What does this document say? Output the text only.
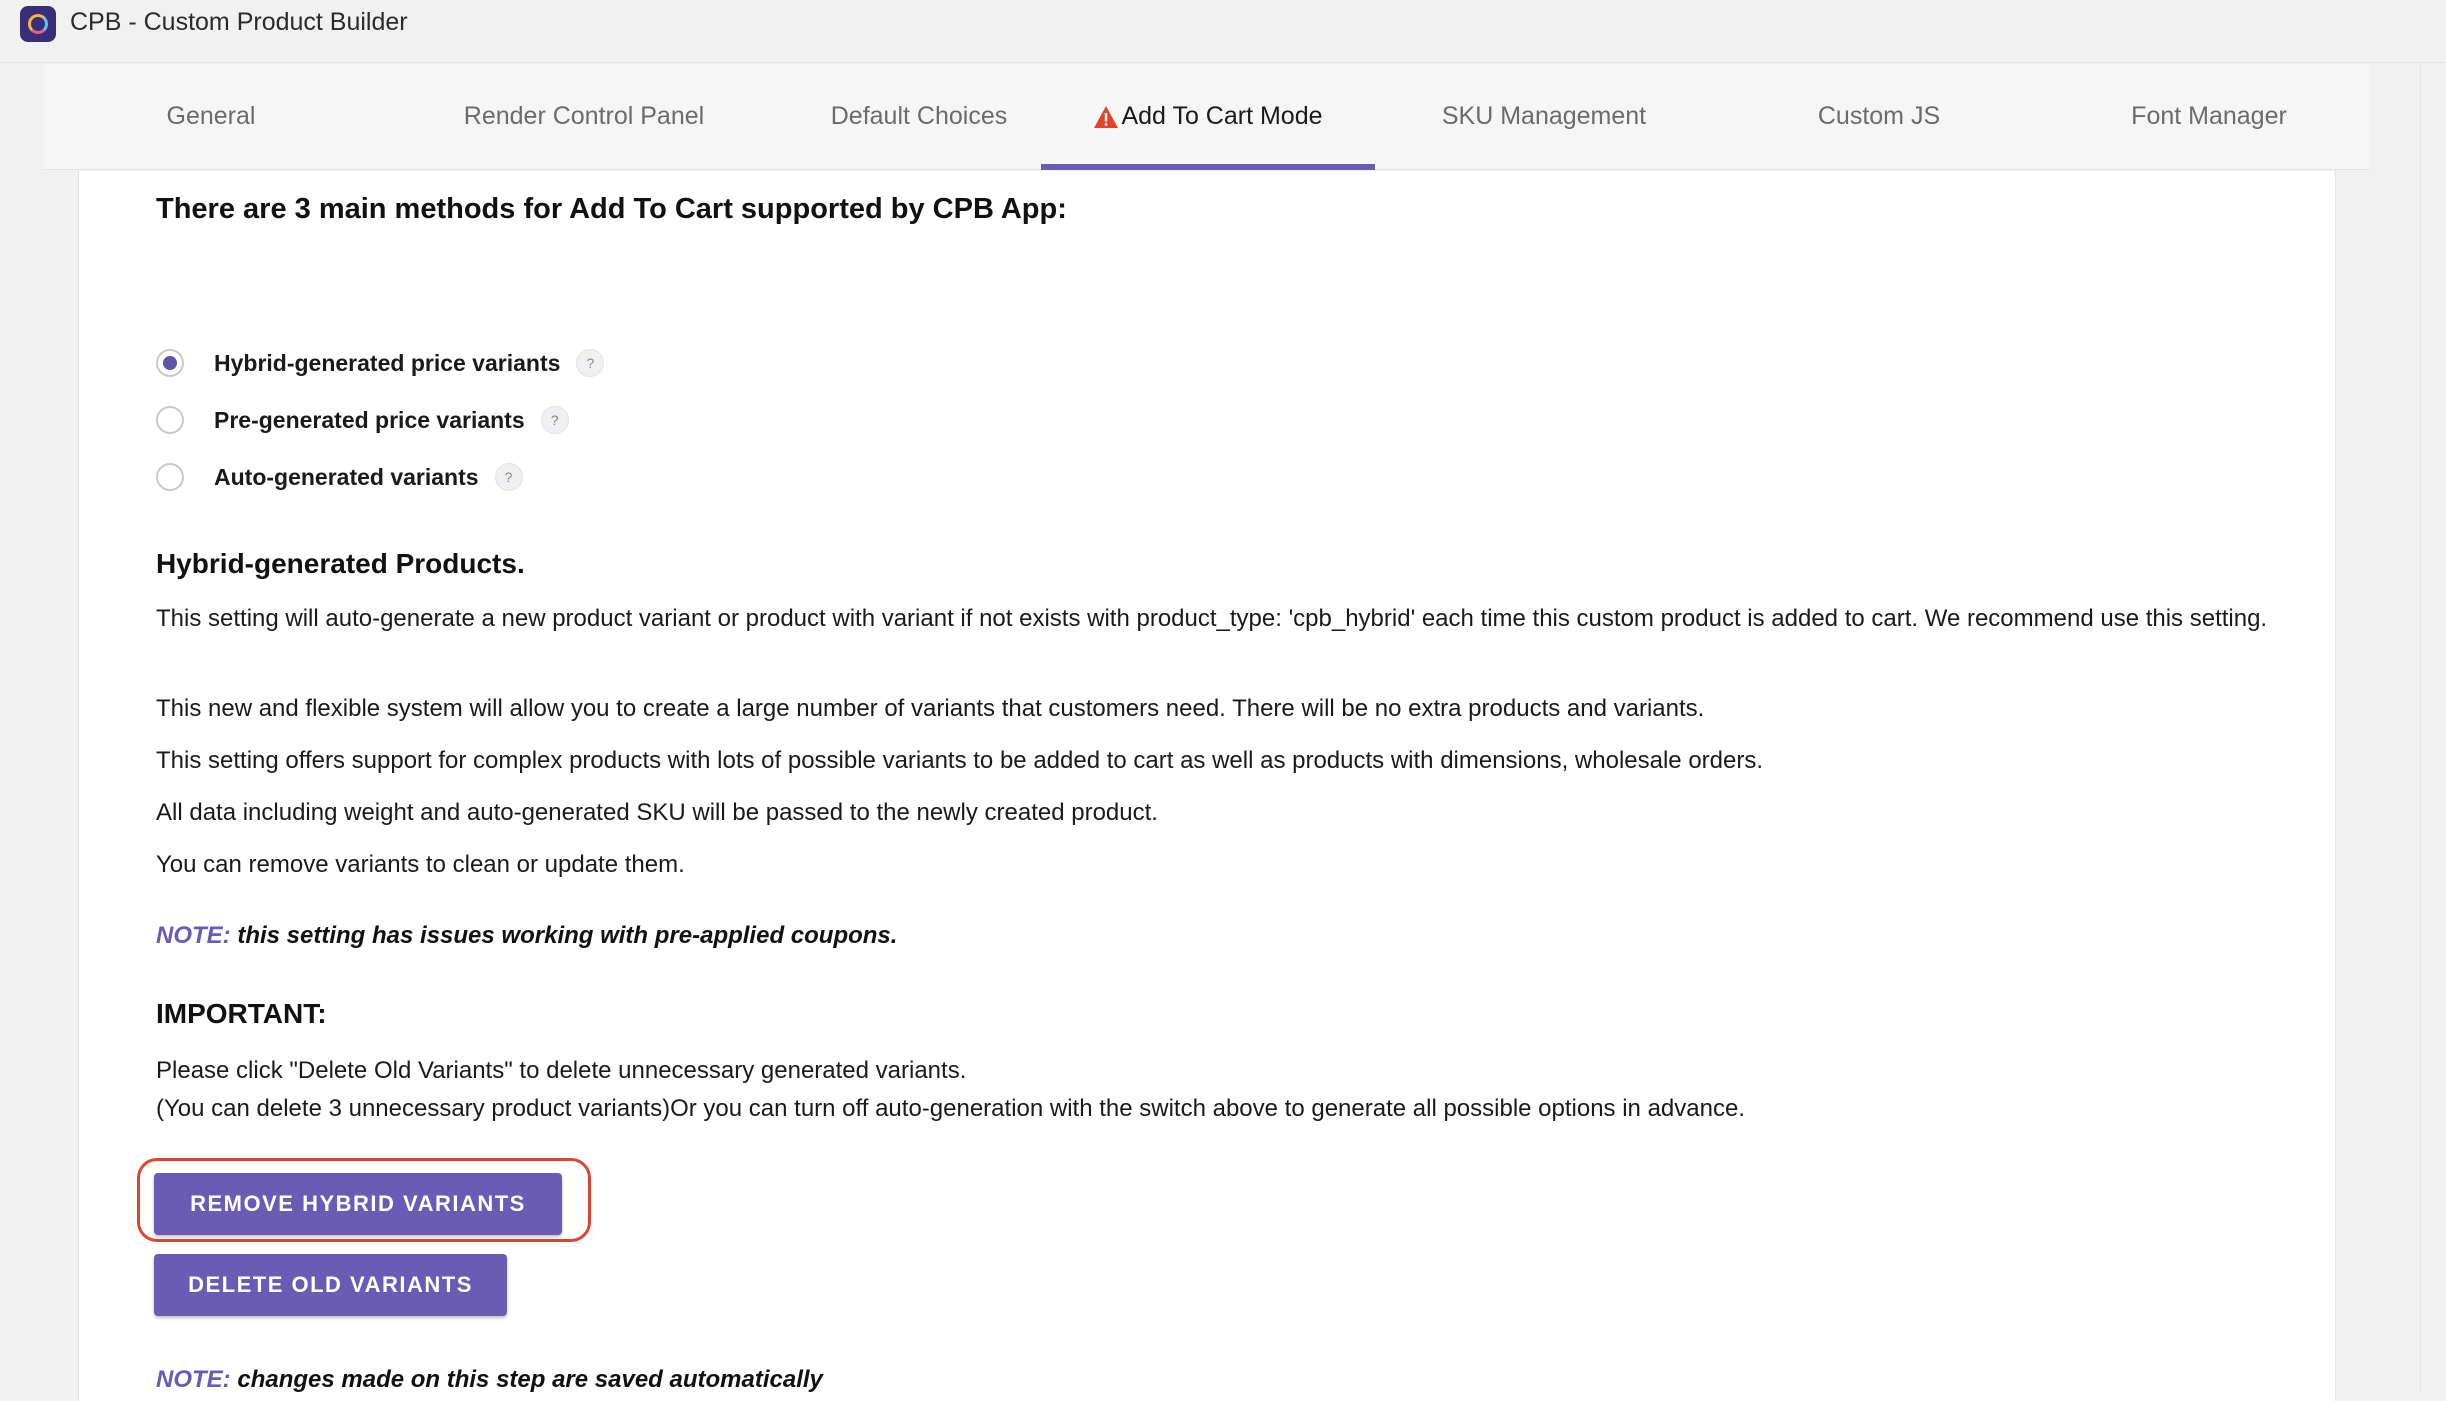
CPB - Custom Product Builder
General	Render Control Panel	Default Choices	Add To Cart Mode	SKU Management	Custom JS	Font Manager
There are 3 main methods for Add To Cart supported by CPB App:
Hybrid-generated price variants	?
Pre-generated price variants	?
Auto-generated variants	?
Hybrid-generated Products.
This setting will auto-generate a new product variant or product with variant if not exists with product_type: 'cpb_hybrid' each time this custom product is added to cart. We recommend use this setting.
This new and flexible system will allow you to create a large number of variants that customers need. There will be no extra products and variants.
This setting offers support for complex products with lots of possible variants to be added to cart as well as products with dimensions, wholesale orders.
All data including weight and auto-generated SKU will be passed to the newly created product.
You can remove variants to clean or update them.
NOTE: this setting has issues working with pre-applied coupons.
IMPORTANT:
Please click "Delete Old Variants" to delete unnecessary generated variants.
(You can delete 3 unnecessary product variants)Or you can turn off auto-generation with the switch above to generate all possible options in advance.
REMOVE HYBRID VARIANTS
DELETE OLD VARIANTS
NOTE: changes made on this step are saved automatically
